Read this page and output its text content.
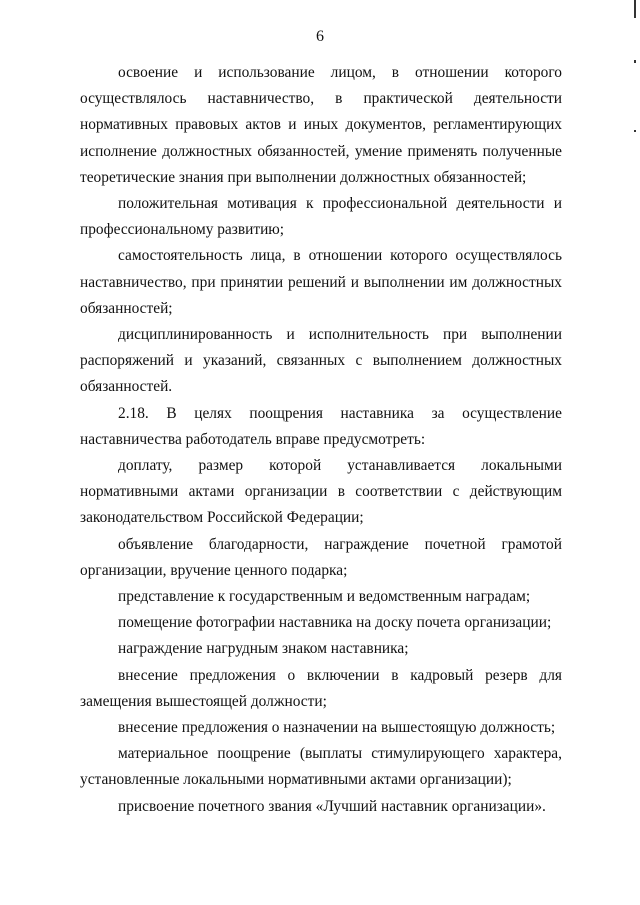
6

освоение и использование лицом, в отношении которого осуществлялось наставничество, в практической деятельности нормативных правовых актов и иных документов, регламентирующих исполнение должностных обязанностей, умение применять полученные теоретические знания при выполнении должностных обязанностей;

положительная мотивация к профессиональной деятельности и профессиональному развитию;

самостоятельность лица, в отношении которого осуществлялось наставничество, при принятии решений и выполнении им должностных обязанностей;

дисциплинированность и исполнительность при выполнении распоряжений и указаний, связанных с выполнением должностных обязанностей.

2.18. В целях поощрения наставника за осуществление наставничества работодатель вправе предусмотреть:

доплату, размер которой устанавливается локальными нормативными актами организации в соответствии с действующим законодательством Российской Федерации;

объявление благодарности, награждение почетной грамотой организации, вручение ценного подарка;

представление к государственным и ведомственным наградам;

помещение фотографии наставника на доску почета организации;

награждение нагрудным знаком наставника;

внесение предложения о включении в кадровый резерв для замещения вышестоящей должности;

внесение предложения о назначении на вышестоящую должность;

материальное поощрение (выплаты стимулирующего характера, установленные локальными нормативными актами организации);

присвоение почетного звания «Лучший наставник организации».
